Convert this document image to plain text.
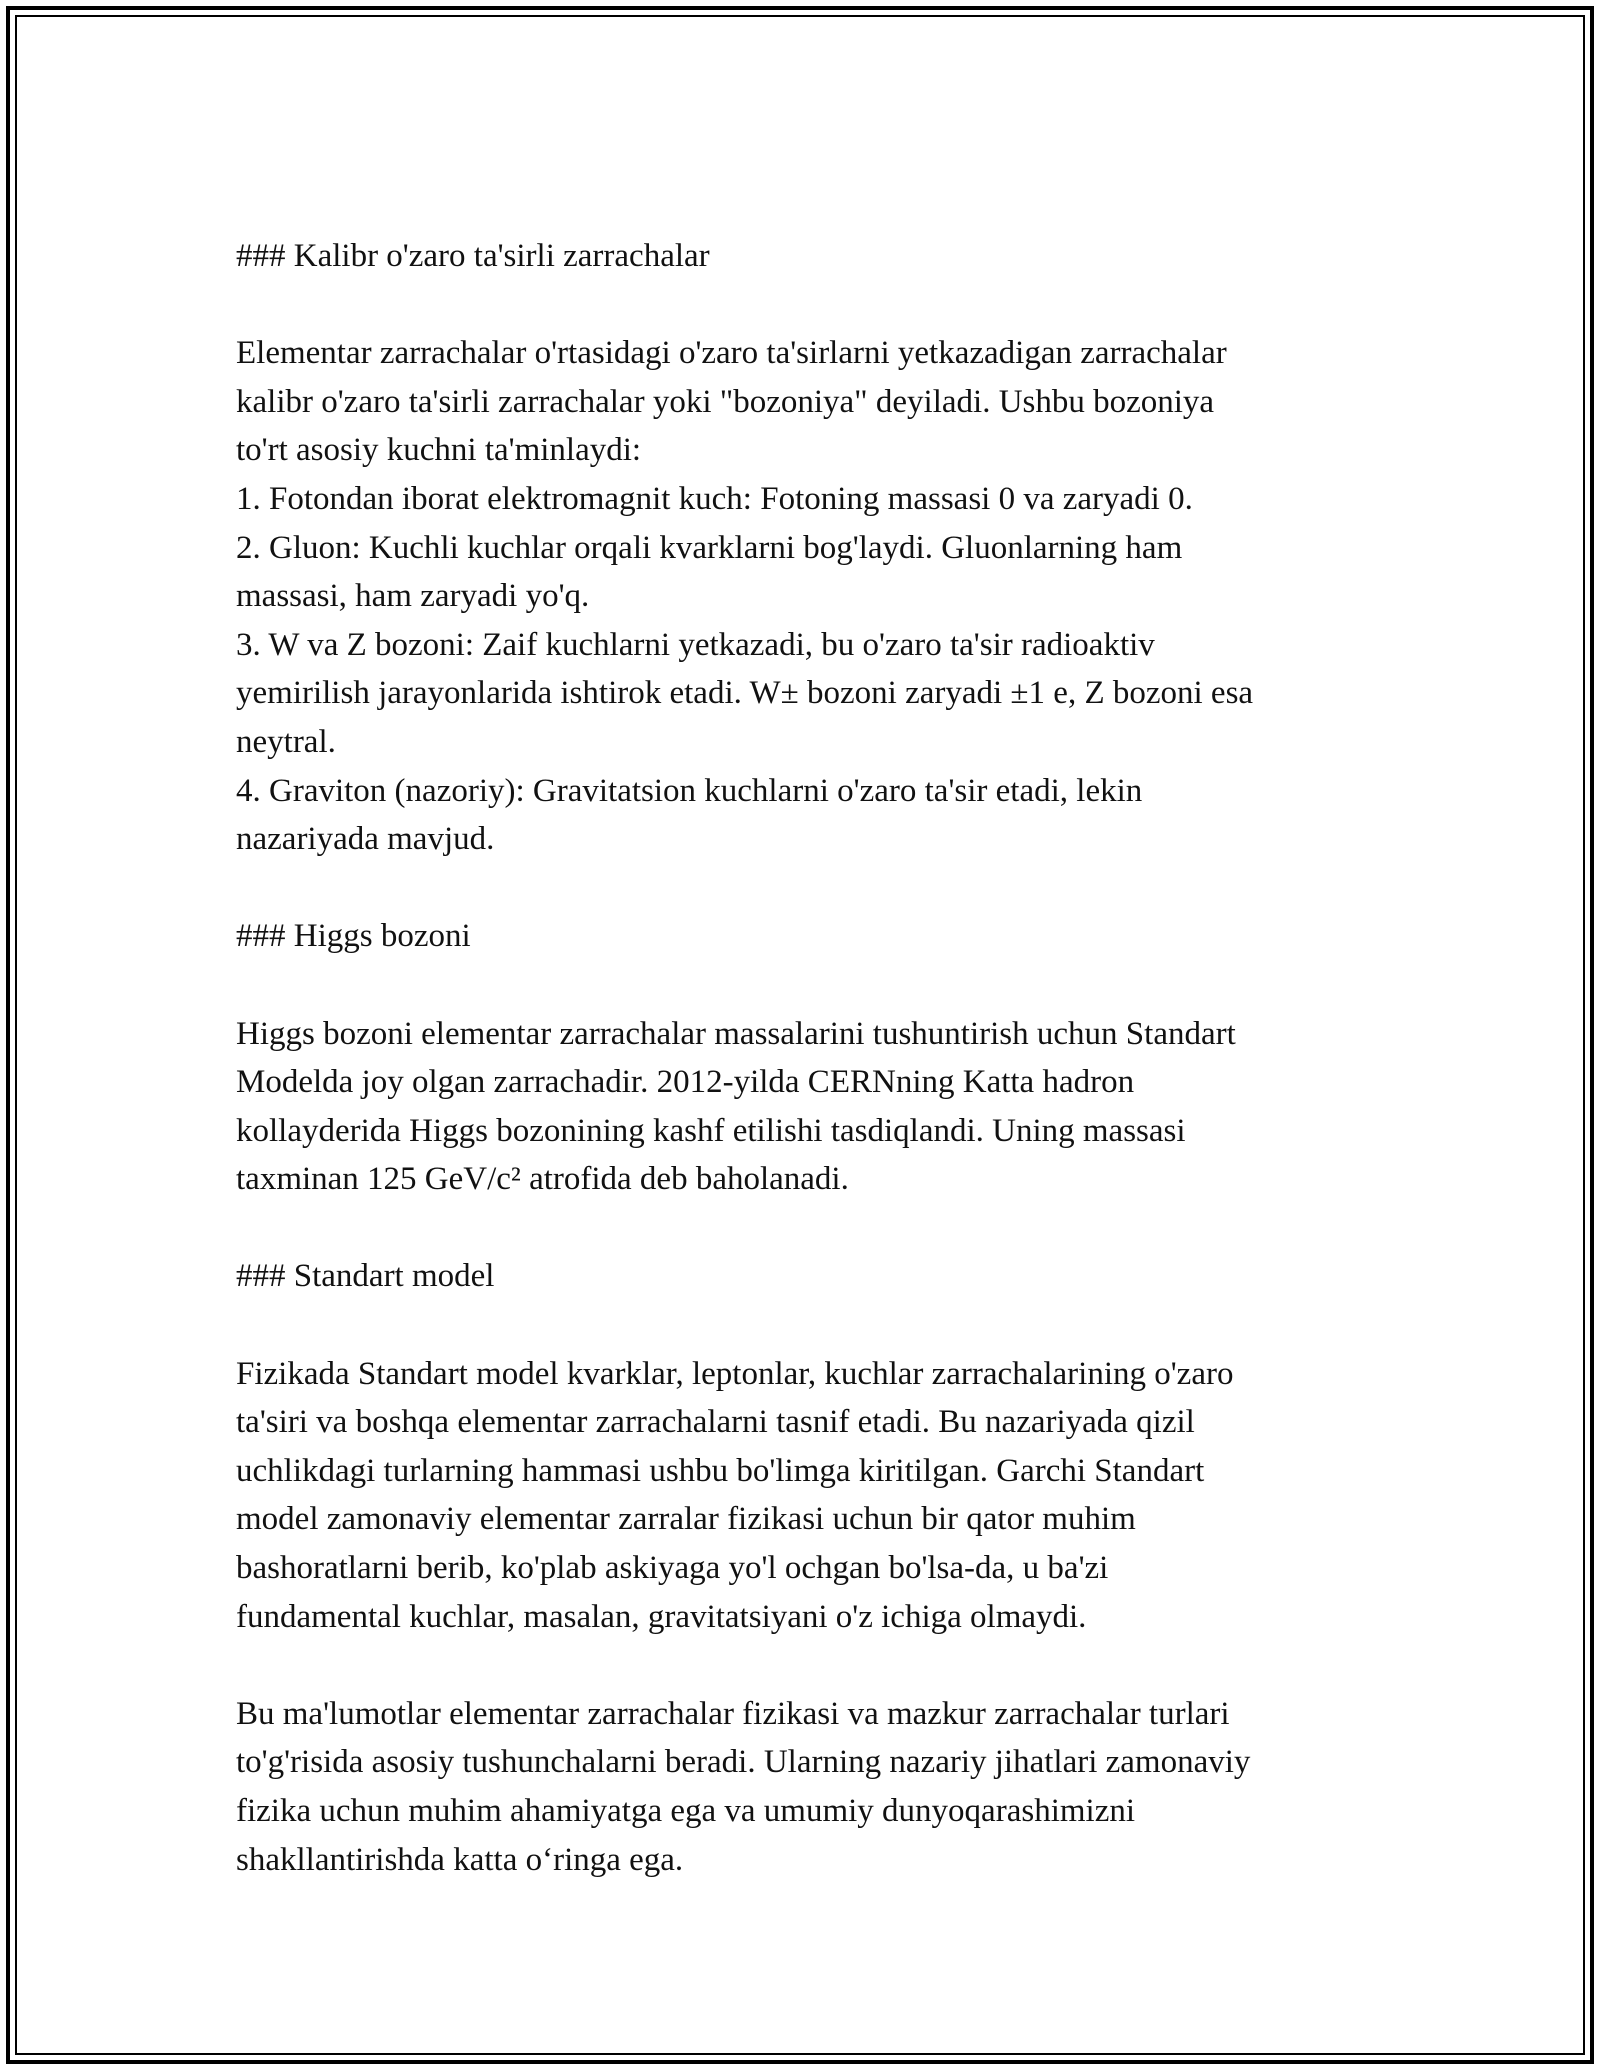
### Kalibr o'zaro ta'sirli zarrachalar

Elementar zarrachalar o'rtasidagi o'zaro ta'sirlarni yetkazadigan zarrachalar

kalibr o'zaro ta'sirli zarrachalar yoki "bozoniya" deyiladi. Ushbu bozoniya

to'rt asosiy kuchni ta'minlaydi:

1. Fotondan iborat elektromagnit kuch: Fotoning massasi 0 va zaryadi 0.

2. Gluon: Kuchli kuchlar orqali kvarklarni bog'laydi. Gluonlarning ham

massasi, ham zaryadi yo'q.

3. W va Z bozoni: Zaif kuchlarni yetkazadi, bu o'zaro ta'sir radioaktiv

yemirilish jarayonlarida ishtirok etadi. W± bozoni zaryadi ±1 e, Z bozoni esa

neytral.

4. Graviton (nazoriy): Gravitatsion kuchlarni o'zaro ta'sir etadi, lekin

nazariyada mavjud.

### Higgs bozoni

Higgs bozoni elementar zarrachalar massalarini tushuntirish uchun Standart

Modelda joy olgan zarrachadir. 2012-yilda CERNning Katta hadron

kollayderida Higgs bozonining kashf etilishi tasdiqlandi. Uning massasi

taxminan 125 GeV/c² atrofida deb baholanadi.

### Standart model

Fizikada Standart model kvarklar, leptonlar, kuchlar zarrachalarining o'zaro

ta'siri va boshqa elementar zarrachalarni tasnif etadi. Bu nazariyada qizil

uchlikdagi turlarning hammasi ushbu bo'limga kiritilgan. Garchi Standart

model zamonaviy elementar zarralar fizikasi uchun bir qator muhim

bashoratlarni berib, ko'plab askiyaga yo'l ochgan bo'lsa-da, u ba'zi

fundamental kuchlar, masalan, gravitatsiyani o'z ichiga olmaydi.

Bu ma'lumotlar elementar zarrachalar fizikasi va mazkur zarrachalar turlari

to'g'risida asosiy tushunchalarni beradi. Ularning nazariy jihatlari zamonaviy

fizika uchun muhim ahamiyatga ega va umumiy dunyoqarashimizni

shakllantirishda katta o‘ringa ega.
